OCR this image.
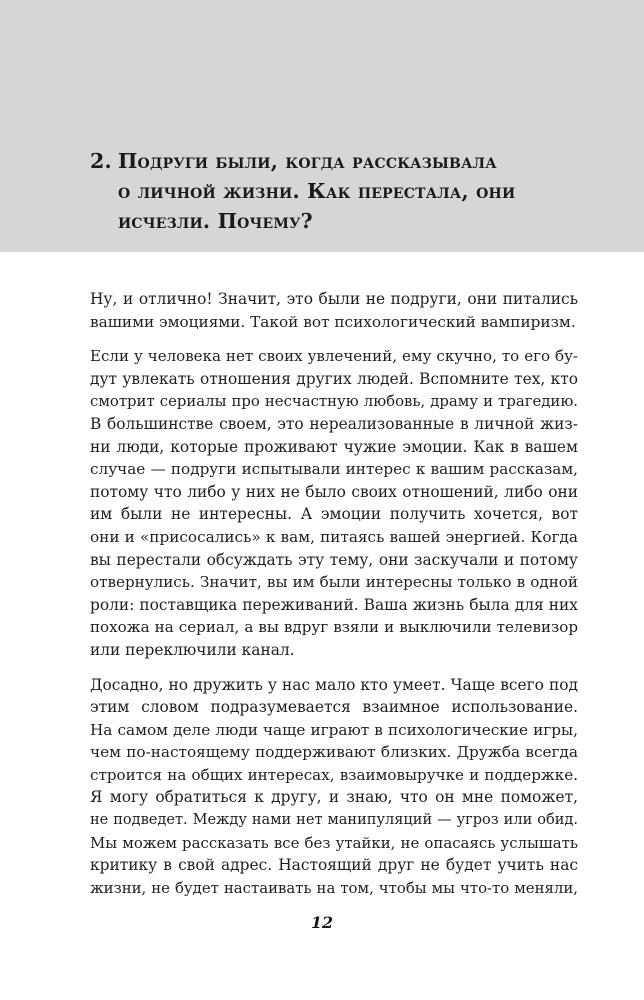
2. Подруги были, когда рассказывала
о личной жизни. Как перестала, они
исчезли. Почему?

Ну, и отлично! Значит, это были не подруги, они питались
вашими эмоциями. Такой вот психологический вампиризм.

Если у человека нет своих увлечений, ему скучно, то его бу-
дут увлекать отношения других людей. Вспомните тех, кто
смотрит сериалы про несчастную любовь, драму и трагедию.
В большинстве своем, это нереализованные в личной жиз-
ни люди, которые проживают чужие эмоции. Как в вашем
случае — подруги испытывали интерес к вашим рассказам,
потому что либо у них не было своих отношений, либо они
им были не интересны. А эмоции получить хочется, вот
они и «присосались» к вам, питаясь вашей энергией. Когда
вы перестали обсуждать эту тему, они заскучали и потому
отвернулись. Значит, вы им были интересны только в одной
роли: поставщика переживаний. Ваша жизнь была для них
похожа на сериал, а вы вдруг взяли и выключили телевизор
или переключили канал.

Досадно, но дружить у нас мало кто умеет. Чаще всего под
этим словом подразумевается взаимное использование.
На самом деле люди чаще играют в психологические игры,
чем по-настоящему поддерживают близких. Дружба всегда
строится на общих интересах, взаимовыручке и поддержке.
Я могу обратиться к другу, и знаю, что он мне поможет,
не подведет. Между нами нет манипуляций — угроз или обид.
Мы можем рассказать все без утайки, не опасаясь услышать
критику в свой адрес. Настоящий друг не будет учить нас
жизни, не будет настаивать на том, чтобы мы что-то меняли,

12
